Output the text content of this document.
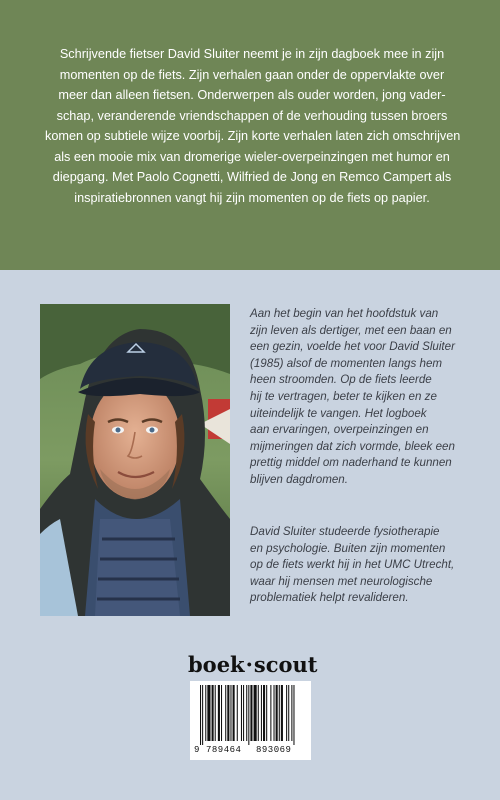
Schrijvende fietser David Sluiter neemt je in zijn dagboek mee in zijn
momenten op de fiets. Zijn verhalen gaan onder de oppervlakte over
meer dan alleen fietsen. Onderwerpen als ouder worden, jong vader-
schap, veranderende vriendschappen of de verhouding tussen broers
komen op subtiele wijze voorbij. Zijn korte verhalen laten zich omschrijven
als een mooie mix van dromerige wieler-overpeinzingen met humor en
diepgang. Met Paolo Cognetti, Wilfried de Jong en Remco Campert als
inspiratiebronnen vangt hij zijn momenten op de fiets op papier.

Aan het begin van het hoofdstuk van
zijn leven als dertiger, met een baan en
een gezin, voelde het voor David Sluiter
(1985) alsof de momenten langs hem
heen stroomden. Op de fiets leerde
hij te vertragen, beter te kijken en ze
uiteindelijk te vangen. Het logboek
aan ervaringen, overpeinzingen en
mijmeringen dat zich vormde, bleek een
prettig middel om naderhand te kunnen
blijven dagdromen.

David Sluiter studeerde fysiotherapie
en psychologie. Buiten zijn momenten
op de fiets werkt hij in het UMC Utrecht,
waar hij mensen met neurologische
problematiek helpt revalideren.

boek·scout
9 789464 893069
